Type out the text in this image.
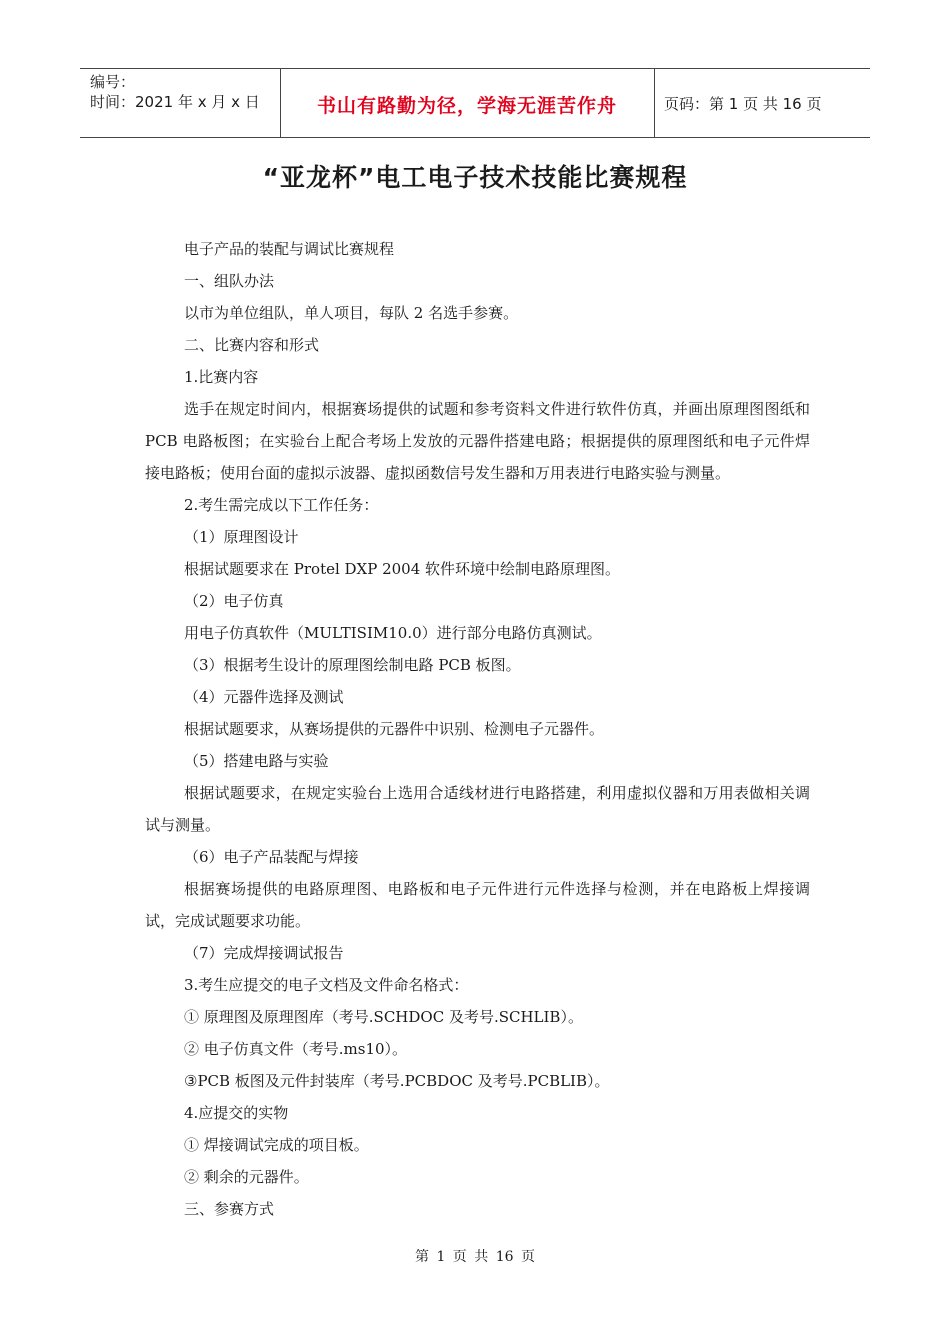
编号：
时间：2021 年 x 月 x 日	书山有路勤为径，学海无涯苦作舟	页码：第 1 页 共 16 页
“亚龙杯”电工电子技术技能比赛规程

电子产品的装配与调试比赛规程

一、组队办法

以市为单位组队，单人项目，每队 2 名选手参赛。

二、比赛内容和形式

1.比赛内容

选手在规定时间内，根据赛场提供的试题和参考资料文件进行软件仿真，并画出原理图图纸和 PCB 电路板图；在实验台上配合考场上发放的元器件搭建电路；根据提供的原理图纸和电子元件焊接电路板；使用台面的虚拟示波器、虚拟函数信号发生器和万用表进行电路实验与测量。

2.考生需完成以下工作任务：

（1）原理图设计

根据试题要求在 Protel DXP 2004 软件环境中绘制电路原理图。

（2）电子仿真

用电子仿真软件（MULTISIM10.0）进行部分电路仿真测试。

（3）根据考生设计的原理图绘制电路 PCB 板图。

（4）元器件选择及测试

根据试题要求，从赛场提供的元器件中识别、检测电子元器件。

（5）搭建电路与实验

根据试题要求，在规定实验台上选用合适线材进行电路搭建，利用虚拟仪器和万用表做相关调试与测量。

（6）电子产品装配与焊接

根据赛场提供的电路原理图、电路板和电子元件进行元件选择与检测，并在电路板上焊接调试，完成试题要求功能。

（7）完成焊接调试报告

3.考生应提交的电子文档及文件命名格式：

① 原理图及原理图库（考号.SCHDOC 及考号.SCHLIB）。

② 电子仿真文件（考号.ms10）。

③PCB 板图及元件封装库（考号.PCBDOC 及考号.PCBLIB）。

4.应提交的实物

① 焊接调试完成的项目板。

② 剩余的元器件。

三、参赛方式

第 1 页 共 16 页
